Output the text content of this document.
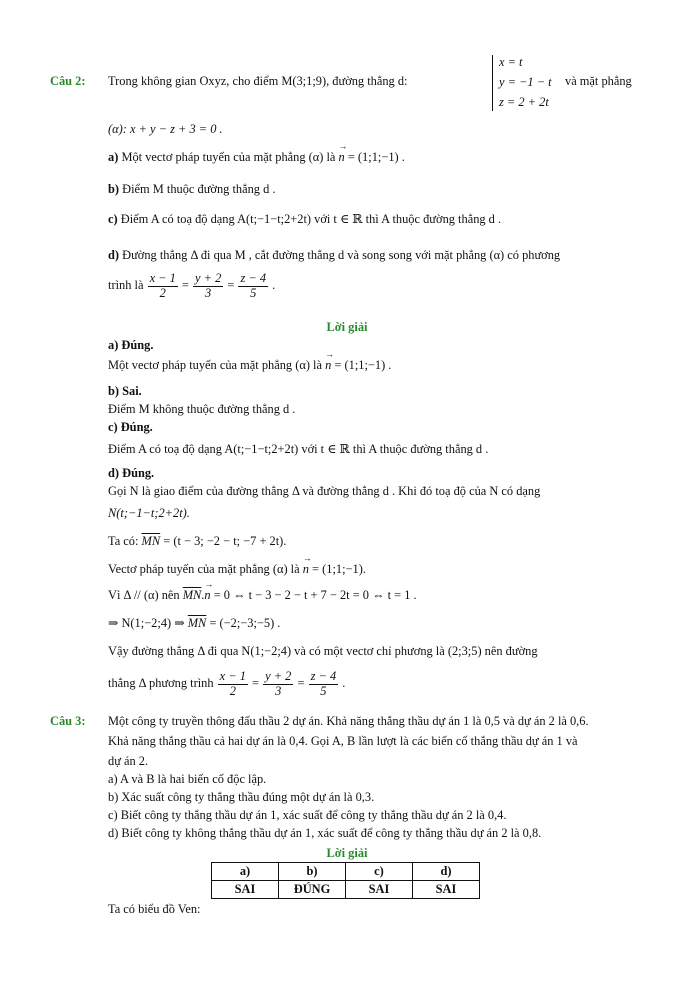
Câu 2: Trong không gian Oxyz, cho điểm M(3;1;9), đường thẳng d:
x = t
y = −1 − t
z = 2 + 2t
và mặt phẳng
(α): x + y − z + 3 = 0 .
a) Một vectơ pháp tuyến của mặt phẳng (α) là → n = (1;1;−1) .
b) Điểm M thuộc đường thẳng d .
c) Điểm A có toạ độ dạng A(t;−1−t;2+2t) với t ∈ ℝ thì A thuộc đường thẳng d .
d) Đường thẳng Δ đi qua M , cắt đường thẳng d và song song với mặt phẳng (α) có phương
trình là $\frac{x - 1}{2} = \frac{y + 2}{3} = \frac{z - 4}{5}$ .
Lời giải
a) Đúng.
Một vectơ pháp tuyến của mặt phẳng (α) là → n = (1;1;−1) .
b) Sai.
Điểm M không thuộc đường thẳng d .
c) Đúng.
Điểm A có toạ độ dạng A(t;−1−t;2+2t) với t ∈ ℝ thì A thuộc đường thẳng d .
d) Đúng.
Gọi N là giao điểm của đường thẳng Δ và đường thẳng d . Khi đó toạ độ của N có dạng
N(t;−1−t;2+2t).
Ta có: $\overline{MN} = (t - 3$; −2 − t; −7 + 2t).
Vectơ pháp tuyến của mặt phẳng (α) là → n = (1;1;−1).
Vì Δ // (α) nên $\overline{MN}.\to n = 0$ ⇔ t − 3 − 2 − t + 7 − 2t = 0 ⇔ t = 1 .
⇒ N(1;−2;4) ⇒ $\overline{MN}$ = (−2;−3;−5) .
Vậy đường thẳng Δ đi qua N(1;−2;4) và có một vectơ chỉ phương là (2;3;5) nên đường
thẳng Δ phương trình $\frac{x - 1}{2} = \frac{y + 2}{3} = \frac{z - 4}{5}$ .
Câu 3: Một công ty truyền thông đấu thầu 2 dự án. Khả năng thắng thầu dự án 1 là 0,5 và dự án 2 là 0,6.
Khả năng thắng thầu cả hai dự án là 0,4. Gọi A, B lần lượt là các biến cố thắng thầu dự án 1 và
dự án 2.
a) A và B là hai biến cố độc lập.
b) Xác suất công ty thắng thầu đúng một dự án là 0,3.
c) Biết công ty thắng thầu dự án 1, xác suất để công ty thắng thầu dự án 2 là 0,4.
d) Biết công ty không thắng thầu dự án 1, xác suất để công ty thắng thầu dự án 2 là 0,8.
Lời giải
a)	b)	c)	d)
SAI	ĐÚNG	SAI	SAI
Ta có biểu đồ Ven:
